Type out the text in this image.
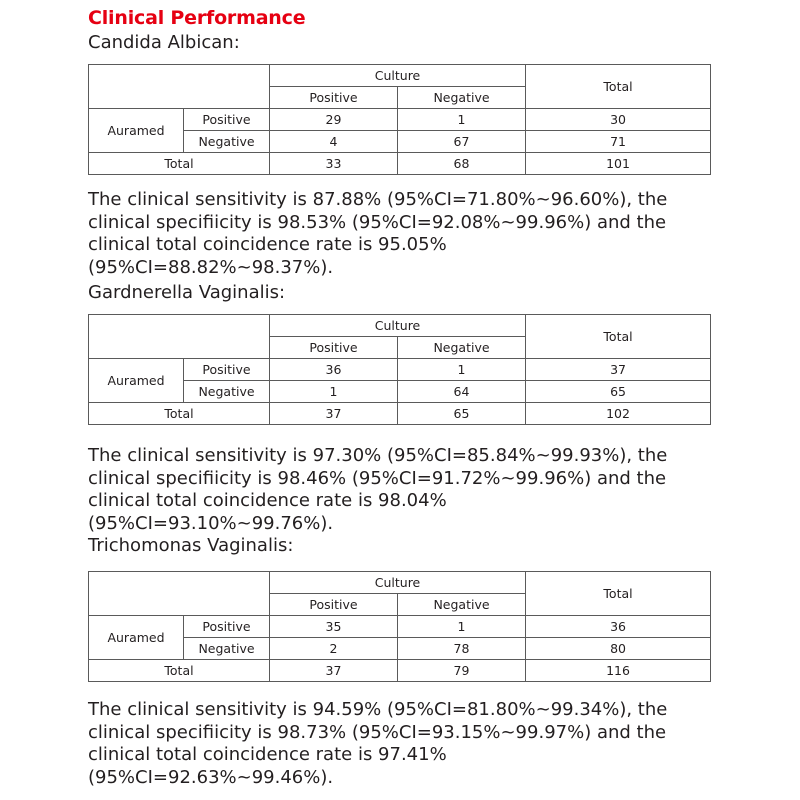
Clinical Performance
Candida Albican:
		Culture		Total
		Positive	Negative	
Auramed	Positive	29	1	30
	Negative	4	67	71
Total		33	68	101
The clinical sensitivity is 87.88% (95%CI=71.80%~96.60%), the
clinical specifiicity is 98.53% (95%CI=92.08%~99.96%) and the
clinical total coincidence rate is 95.05%
(95%CI=88.82%~98.37%).
Gardnerella Vaginalis:
		Culture		Total
		Positive	Negative	
Auramed	Positive	36	1	37
	Negative	1	64	65
Total		37	65	102
The clinical sensitivity is 97.30% (95%CI=85.84%~99.93%), the
clinical specifiicity is 98.46% (95%CI=91.72%~99.96%) and the
clinical total coincidence rate is 98.04%
(95%CI=93.10%~99.76%).
Trichomonas Vaginalis:
		Culture		Total
		Positive	Negative	
Auramed	Positive	35	1	36
	Negative	2	78	80
Total		37	79	116
The clinical sensitivity is 94.59% (95%CI=81.80%~99.34%), the
clinical specifiicity is 98.73% (95%CI=93.15%~99.97%) and the
clinical total coincidence rate is 97.41%
(95%CI=92.63%~99.46%).
